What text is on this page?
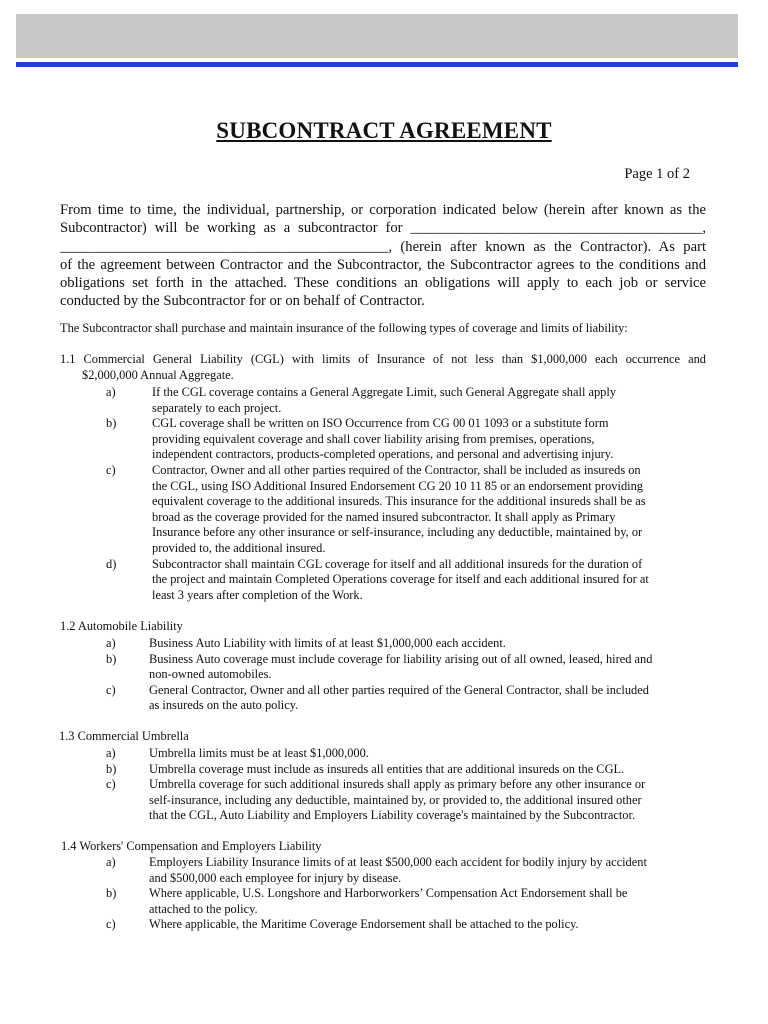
SUBCONTRACT AGREEMENT
Page 1 of 2
From time to time, the individual, partnership, or corporation indicated below (herein after known as the
Subcontractor) will be working as a subcontractor for ________________________________________,
_____________________________________________, (herein after known as the Contractor). As part
of the agreement between Contractor and the Subcontractor, the Subcontractor agrees to the conditions and
obligations set forth in the attached. These conditions an obligations will apply to each job or service
conducted by the Subcontractor for or on behalf of Contractor.
The Subcontractor shall purchase and maintain insurance of the following types of coverage and limits of liability:
1.1 Commercial General Liability (CGL) with limits of Insurance of not less than $1,000,000 each occurrence and
$2,000,000 Annual Aggregate.
a)	If the CGL coverage contains a General Aggregate Limit, such General Aggregate shall apply
separately to each project.
b)	CGL coverage shall be written on ISO Occurrence from CG 00 01 1093 or a substitute form
providing equivalent coverage and shall cover liability arising from premises, operations,
independent contractors, products-completed operations, and personal and advertising injury.
c)	Contractor, Owner and all other parties required of the Contractor, shall be included as insureds on
the CGL, using ISO Additional Insured Endorsement CG 20 10 11 85 or an endorsement providing
equivalent coverage to the additional insureds. This insurance for the additional insureds shall be as
broad as the coverage provided for the named insured subcontractor. It shall apply as Primary
Insurance before any other insurance or self-insurance, including any deductible, maintained by, or
provided to, the additional insured.
d)	Subcontractor shall maintain CGL coverage for itself and all additional insureds for the duration of
the project and maintain Completed Operations coverage for itself and each additional insured for at
least 3 years after completion of the Work.
1.2 Automobile Liability
a)	Business Auto Liability with limits of at least $1,000,000 each accident.
b)	Business Auto coverage must include coverage for liability arising out of all owned, leased, hired and
non-owned automobiles.
c)	General Contractor, Owner and all other parties required of the General Contractor, shall be included
as insureds on the auto policy.
1.3 Commercial Umbrella
a)	Umbrella limits must be at least $1,000,000.
b)	Umbrella coverage must include as insureds all entities that are additional insureds on the CGL.
c)	Umbrella coverage for such additional insureds shall apply as primary before any other insurance or
self-insurance, including any deductible, maintained by, or provided to, the additional insured other
that the CGL, Auto Liability and Employers Liability coverage's maintained by the Subcontractor.
1.4 Workers' Compensation and Employers Liability
a)	Employers Liability Insurance limits of at least $500,000 each accident for bodily injury by accident
and $500,000 each employee for injury by disease.
b)	Where applicable, U.S. Longshore and Harborworkers’ Compensation Act Endorsement shall be
attached to the policy.
c)	Where applicable, the Maritime Coverage Endorsement shall be attached to the policy.
